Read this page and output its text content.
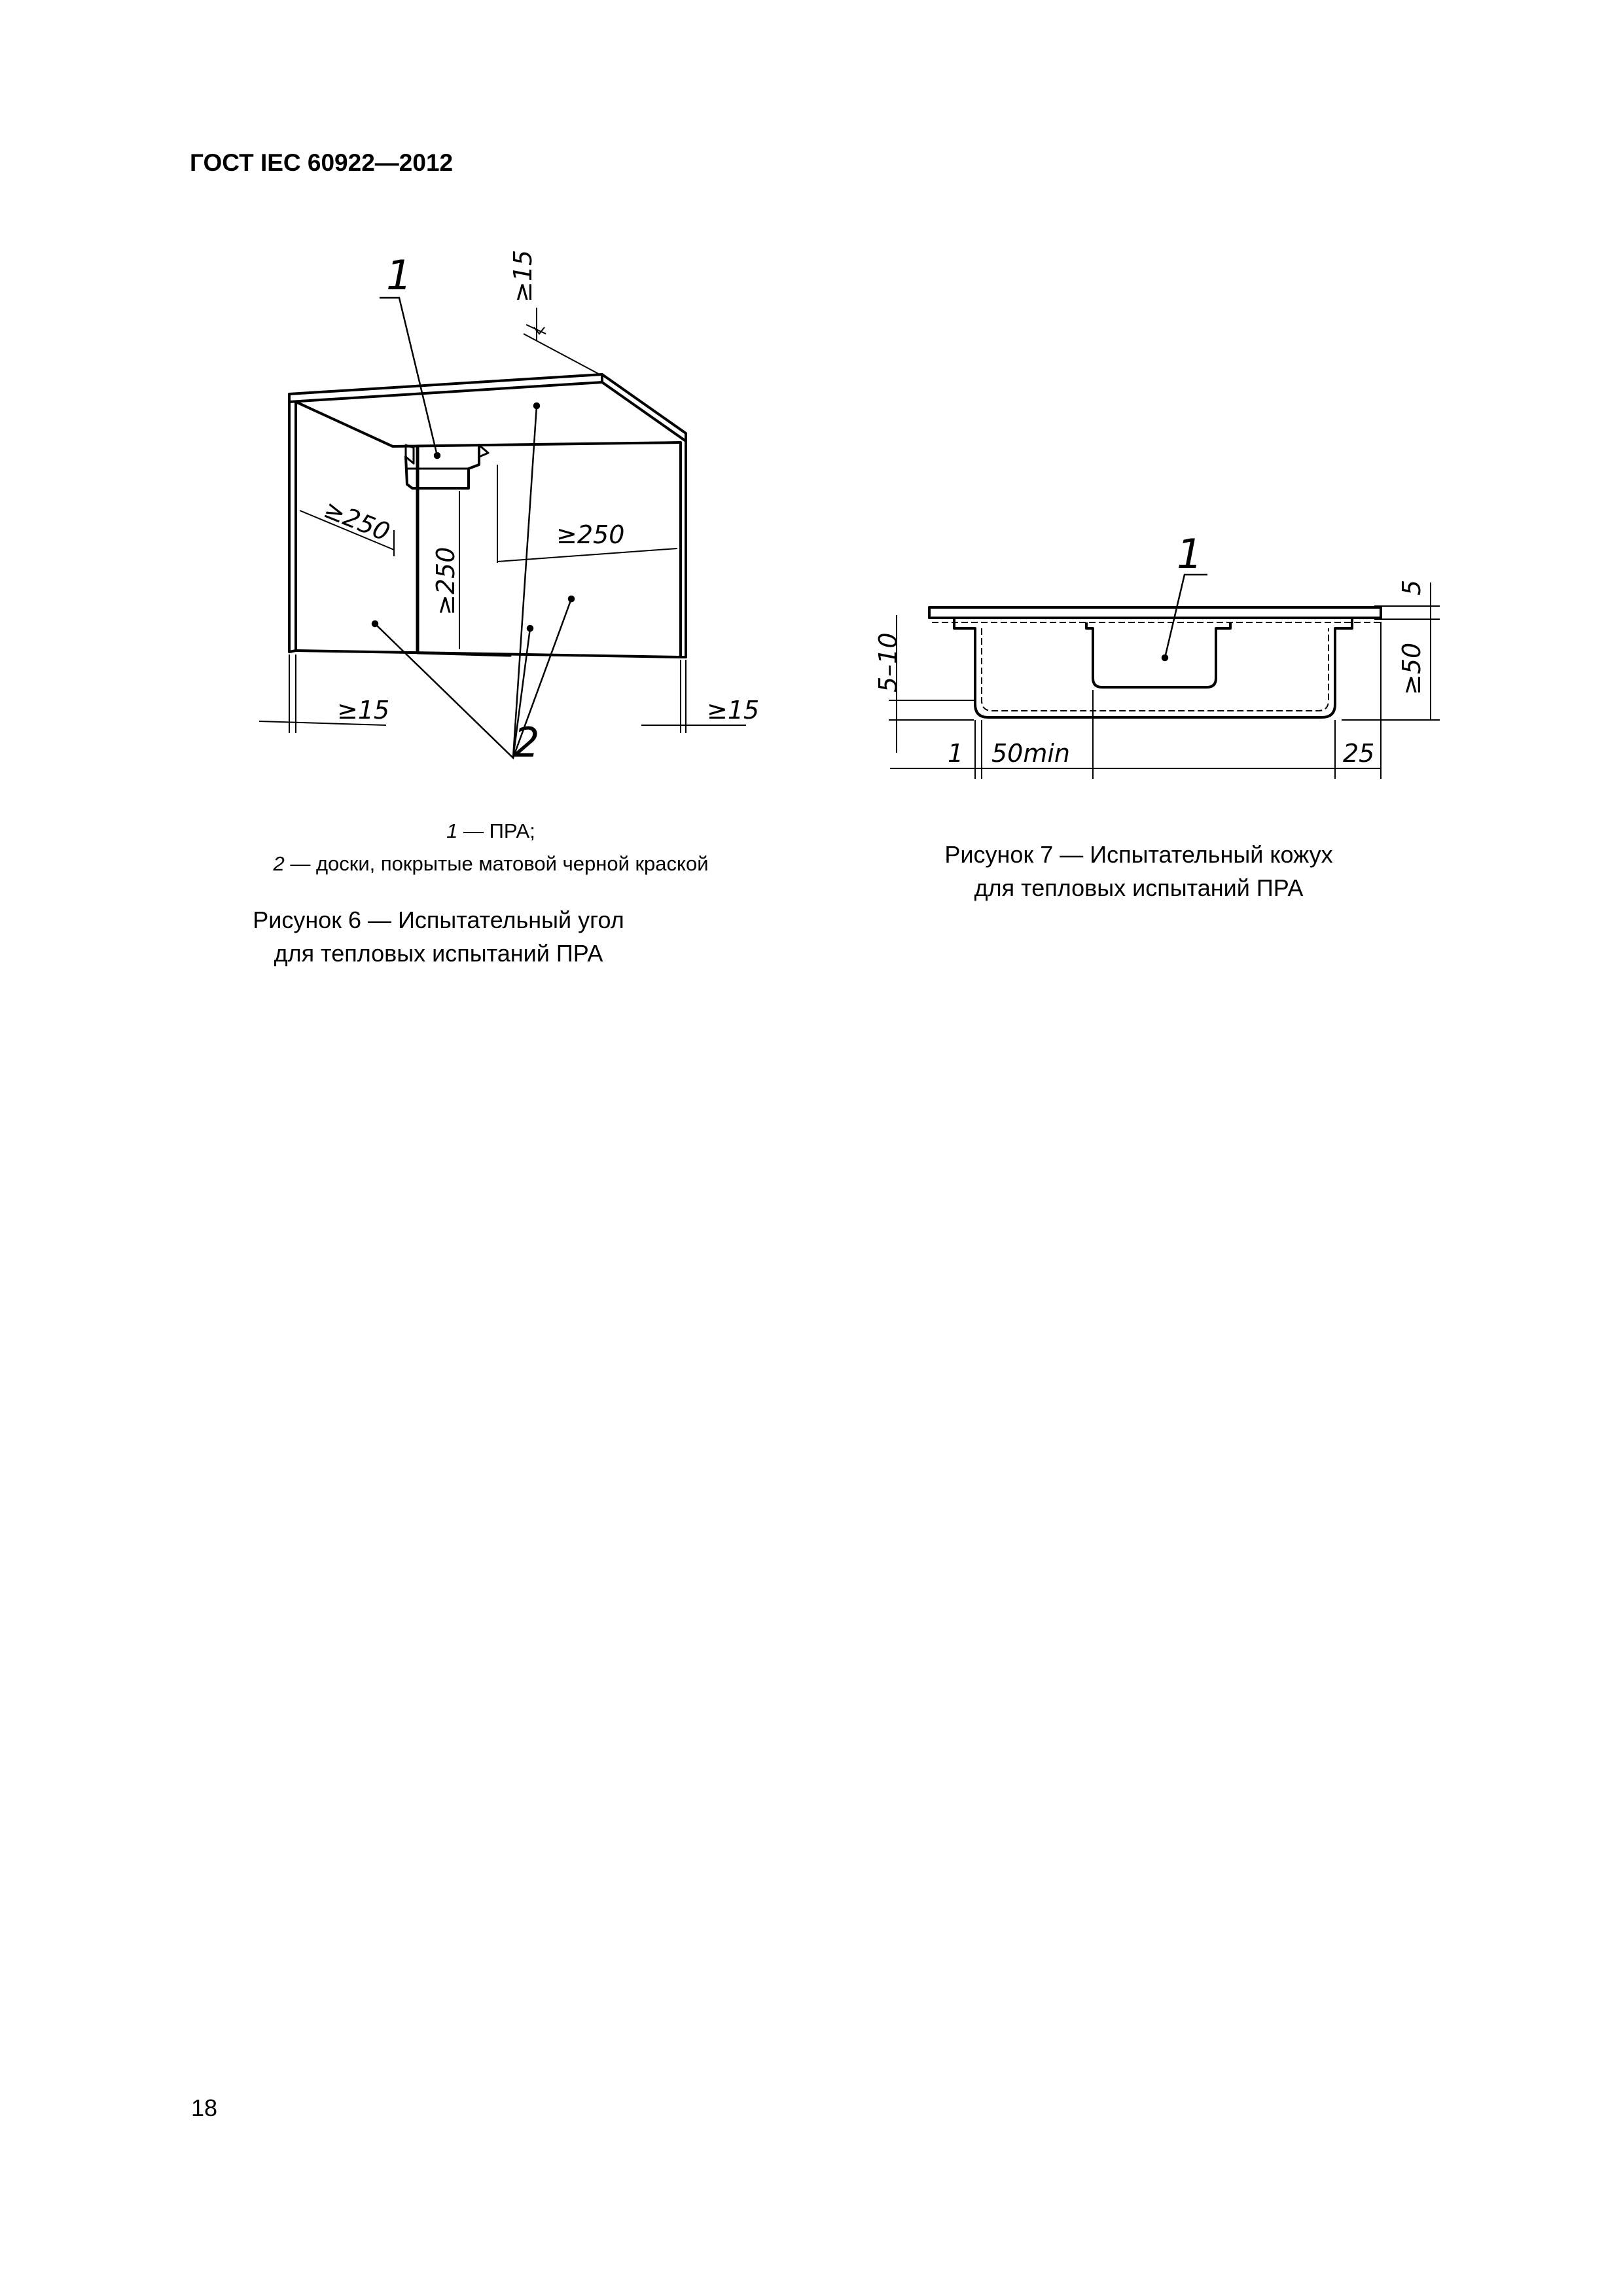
ГОСТ IEC 60922—2012
1
2
≥15
≥250
≥250
≥250
≥15	≥15
1 — ПРА;
2 — доски, покрытые матовой черной краской
Рисунок 6 — Испытательный угол
для тепловых испытаний ПРА
1
5
≥50
5–10
1 50min	25
Рисунок 7 — Испытательный кожух
для тепловых испытаний ПРА
18
